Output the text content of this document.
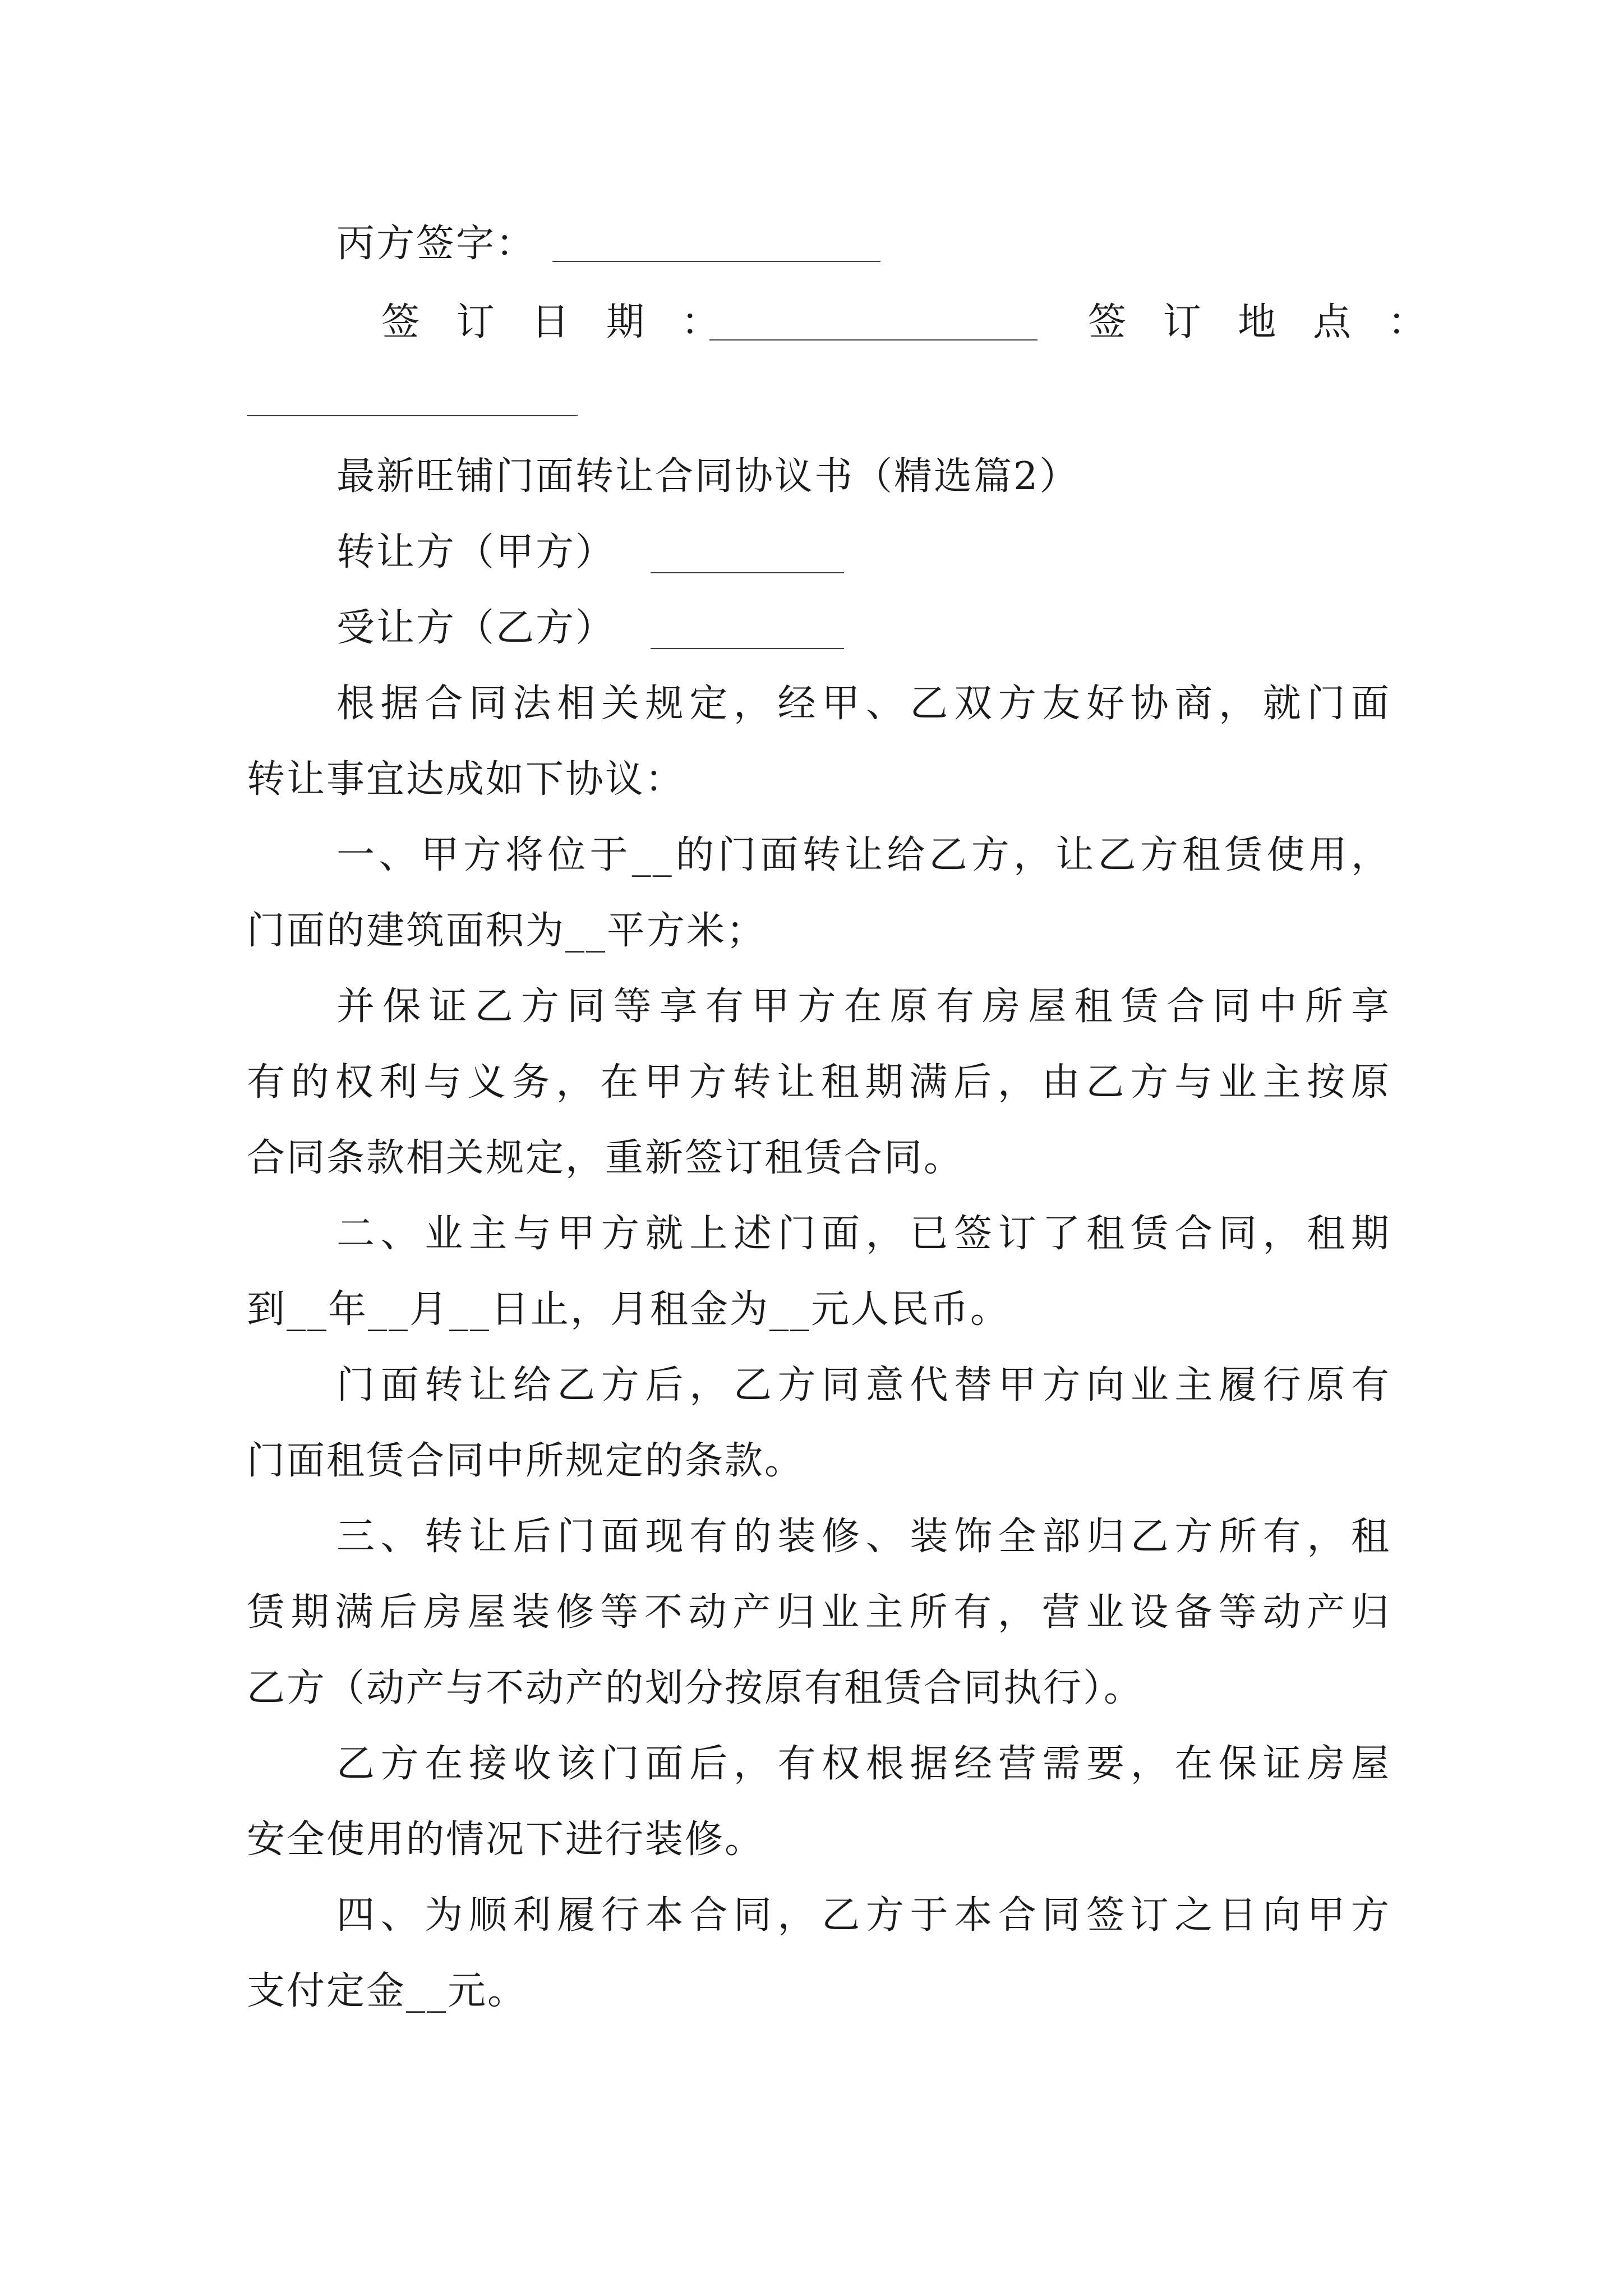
丙方签字：
签 订 日 期 ：	签 订 地 点 ：
最新旺铺门面转让合同协议书（精选篇2）
转让方（甲方）
受让方（乙方）
根据合同法相关规定，经甲、乙双方友好协商，就门面
转让事宜达成如下协议：
一、甲方将位于__的门面转让给乙方，让乙方租赁使用，
门面的建筑面积为__平方米；
并保证乙方同等享有甲方在原有房屋租赁合同中所享
有的权利与义务，在甲方转让租期满后，由乙方与业主按原
合同条款相关规定，重新签订租赁合同。
二、业主与甲方就上述门面，已签订了租赁合同，租期
到__年__月__日止，月租金为__元人民币。
门面转让给乙方后，乙方同意代替甲方向业主履行原有
门面租赁合同中所规定的条款。
三、转让后门面现有的装修、装饰全部归乙方所有，租
赁期满后房屋装修等不动产归业主所有，营业设备等动产归
乙方（动产与不动产的划分按原有租赁合同执行）。
乙方在接收该门面后，有权根据经营需要，在保证房屋
安全使用的情况下进行装修。
四、为顺利履行本合同，乙方于本合同签订之日向甲方
支付定金__元。
